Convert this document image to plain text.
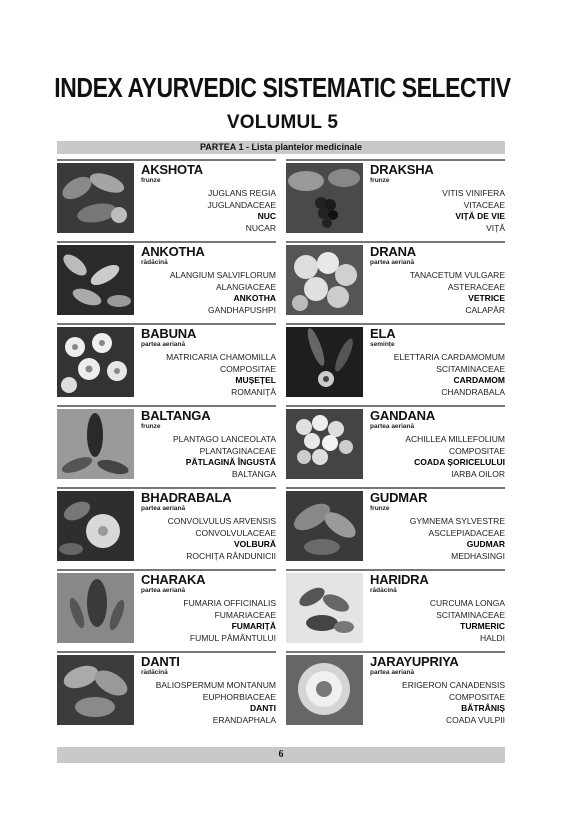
INDEX AYURVEDIC SISTEMATIC SELECTIV
VOLUMUL 5
PARTEA 1 - Lista plantelor medicinale
AKSHOTA
frunze
JUGLANS REGIA
JUGLANDACEAE
NUC
NUCAR
DRAKSHA
frunze
VITIS VINIFERA
VITACEAE
VIȚĂ DE VIE
VIȚĂ
ANKOTHA
rădăcină
ALANGIUM SALVIFLORUM
ALANGIACEAE
ANKOTHA
GANDHAPUSHPI
DRANA
partea aeriană
TANACETUM VULGARE
ASTERACEAE
VETRICE
CALAPĂR
BABUNA
partea aeriană
MATRICARIA CHAMOMILLA
COMPOSITAE
MUȘEȚEL
ROMANIȚĂ
ELA
semințe
ELETTARIA CARDAMOMUM
SCITAMINACEAE
CARDAMOM
CHANDRABALA
BALTANGA
frunze
PLANTAGO LANCEOLATA
PLANTAGINACEAE
PĂTLAGINĂ ÎNGUSTĂ
BALTANGA
GANDANA
partea aeriană
ACHILLEA MILLEFOLIUM
COMPOSITAE
COADA ȘORICELULUI
IARBA OILOR
BHADRABALA
partea aeriană
CONVOLVULUS ARVENSIS
CONVOLVULACEAE
VOLBURĂ
ROCHIȚA RÂNDUNICII
GUDMAR
frunze
GYMNEMA SYLVESTRE
ASCLEPIADACEAE
GUDMAR
MEDHASINGI
CHARAKA
partea aeriană
FUMARIA OFFICINALIS
FUMARIACEAE
FUMARIȚĂ
FUMUL PĂMÂNTULUI
HARIDRA
rădăcină
CURCUMA LONGA
SCITAMINACEAE
TURMERIC
HALDI
DANTI
rădăcină
BALIOSPERMUM MONTANUM
EUPHORBIACEAE
DANTI
ERANDAPHALA
JARAYUPRIYA
partea aeriană
ERIGERON CANADENSIS
COMPOSITAE
BĂTRÂNIȘ
COADA VULPII
6
